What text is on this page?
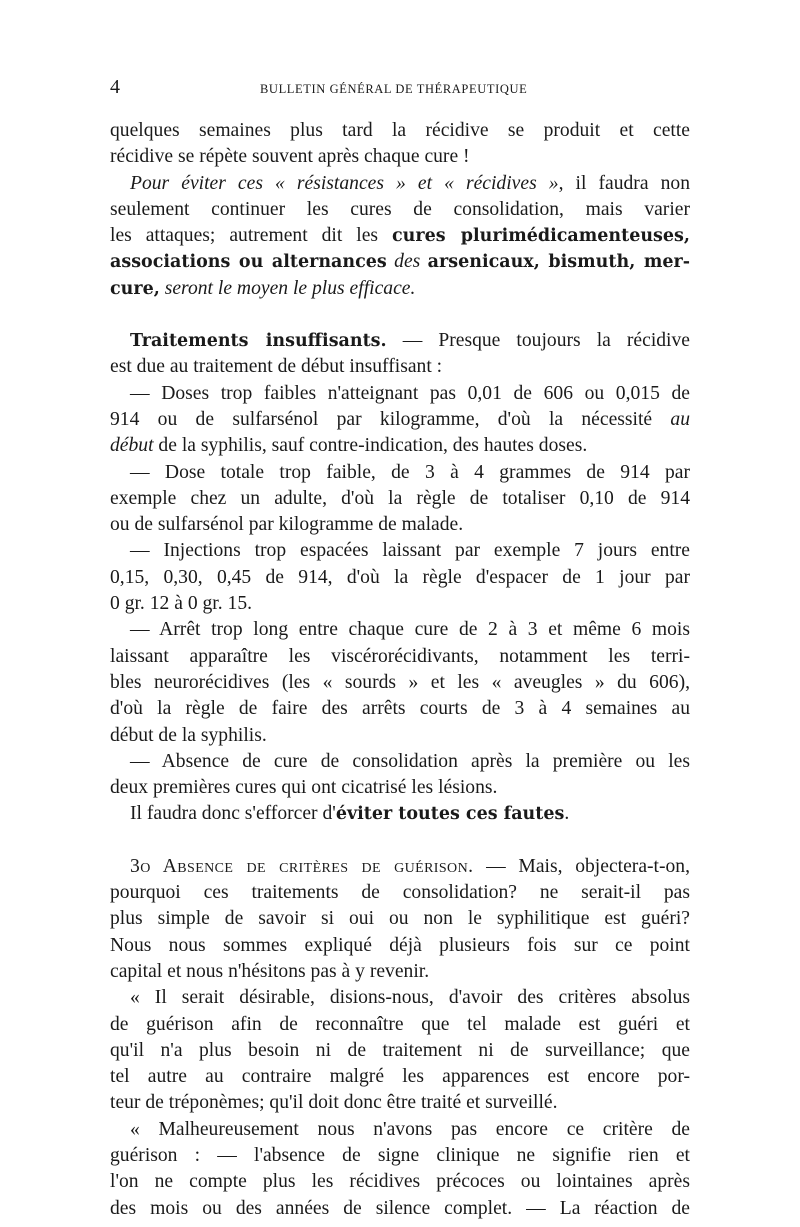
4	BULLETIN GÉNÉRAL DE THÉRAPEUTIQUE

quelques semaines plus tard la récidive se produit et cette

récidive se répète souvent après chaque cure !

Pour éviter ces « résistances » et « récidives », il faudra non

seulement continuer les cures de consolidation, mais varier

les attaques; autrement dit les cures plurimédicamenteuses,

associations ou alternances des arsenicaux, bismuth, mer-

cure, seront le moyen le plus efficace.

Traitements insuffisants. — Presque toujours la récidive

est due au traitement de début insuffisant :

— Doses trop faibles n'atteignant pas 0,01 de 606 ou 0,015 de

914 ou de sulfarsénol par kilogramme, d'où la nécessité au

début de la syphilis, sauf contre-indication, des hautes doses.

— Dose totale trop faible, de 3 à 4 grammes de 914 par

exemple chez un adulte, d'où la règle de totaliser 0,10 de 914

ou de sulfarsénol par kilogramme de malade.

— Injections trop espacées laissant par exemple 7 jours entre

0,15, 0,30, 0,45 de 914, d'où la règle d'espacer de 1 jour par

0 gr. 12 à 0 gr. 15.

— Arrêt trop long entre chaque cure de 2 à 3 et même 6 mois

laissant apparaître les viscérorécidivants, notamment les terri-

bles neurorécidives (les « sourds » et les « aveugles » du 606),

d'où la règle de faire des arrêts courts de 3 à 4 semaines au

début de la syphilis.

— Absence de cure de consolidation après la première ou les

deux premières cures qui ont cicatrisé les lésions.

Il faudra donc s'efforcer d'éviter toutes ces fautes.

3o Absence de critères de guérison. — Mais, objectera-t-on,

pourquoi ces traitements de consolidation? ne serait-il pas

plus simple de savoir si oui ou non le syphilitique est guéri?

Nous nous sommes expliqué déjà plusieurs fois sur ce point

capital et nous n'hésitons pas à y revenir.

« Il serait désirable, disions-nous, d'avoir des critères absolus

de guérison afin de reconnaître que tel malade est guéri et

qu'il n'a plus besoin ni de traitement ni de surveillance; que

tel autre au contraire malgré les apparences est encore por-

teur de tréponèmes; qu'il doit donc être traité et surveillé.

« Malheureusement nous n'avons pas encore ce critère de

guérison : — l'absence de signe clinique ne signifie rien et

l'on ne compte plus les récidives précoces ou lointaines après

des mois ou des années de silence complet. — La réaction de
